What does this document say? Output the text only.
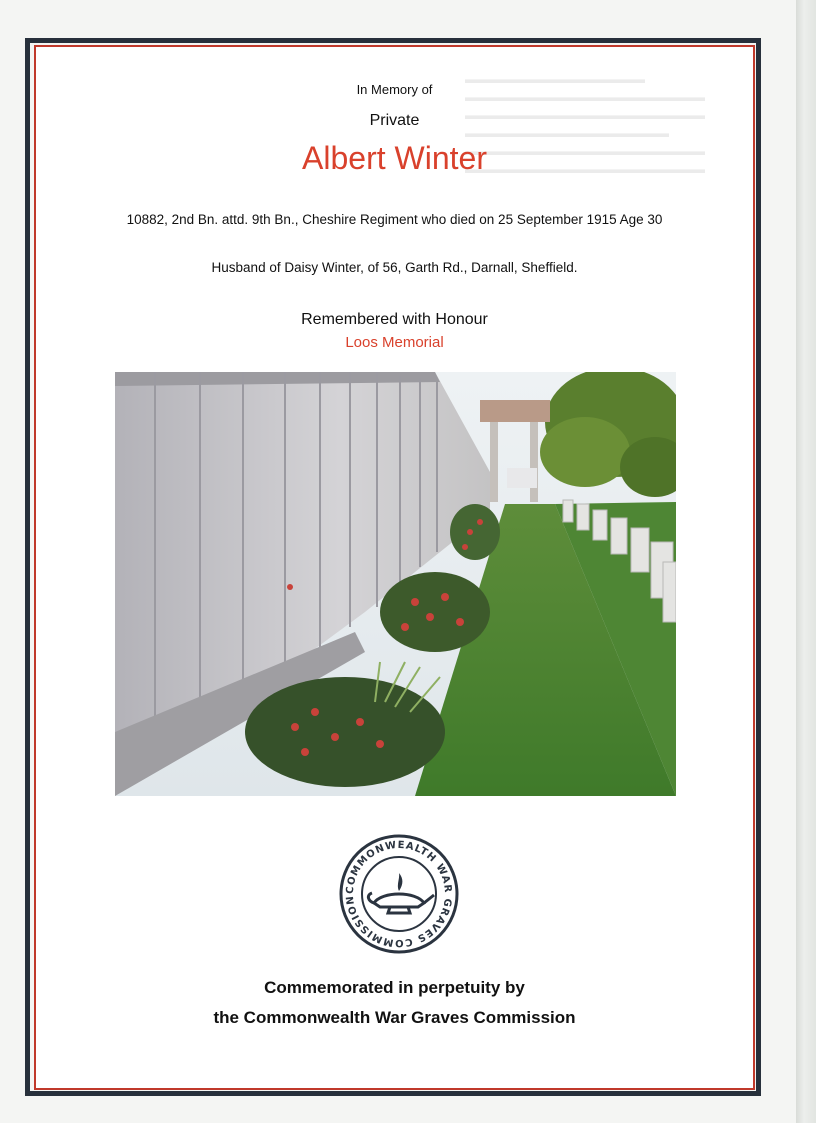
In Memory of
Private
Albert Winter
10882, 2nd Bn. attd. 9th Bn., Cheshire Regiment who died on 25 September 1915 Age 30
Husband of Daisy Winter, of 56, Garth Rd., Darnall, Sheffield.
Remembered with Honour
Loos Memorial
COMMONWEALTH WAR GRAVES COMMISSION
Commemorated in perpetuity by
the Commonwealth War Graves Commission
